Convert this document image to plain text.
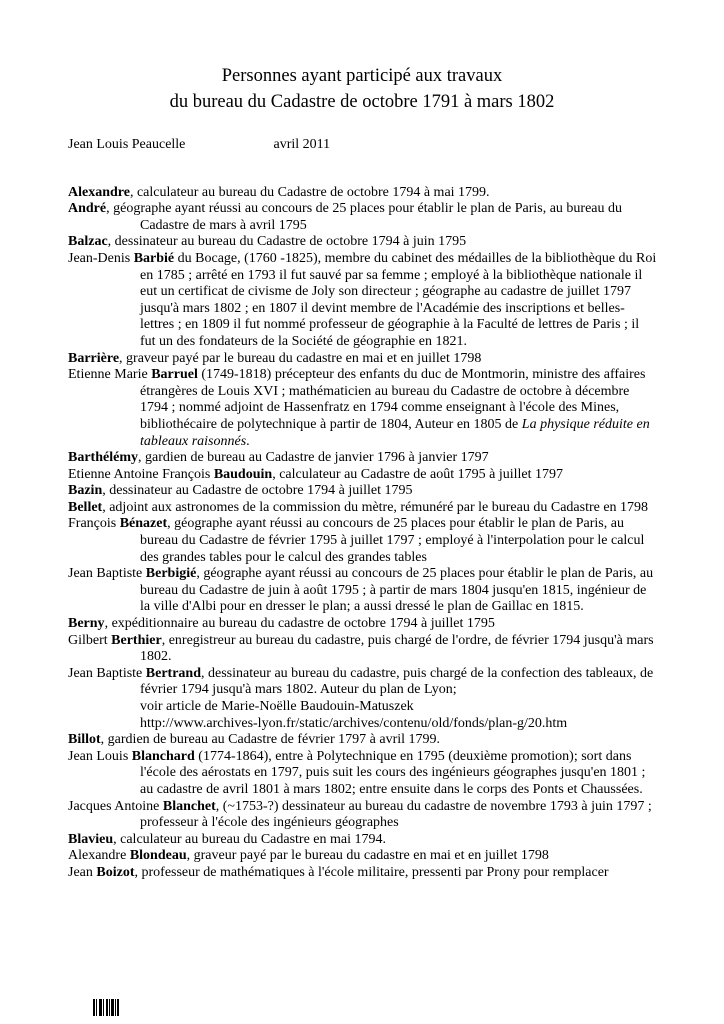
Personnes ayant participé aux travaux
du bureau du Cadastre de octobre 1791 à mars 1802
Jean Louis Peaucelle	avril 2011

Alexandre, calculateur au bureau du Cadastre de octobre 1794 à mai 1799.

André, géographe ayant réussi au concours de 25 places pour établir le plan de Paris, au bureau du Cadastre de mars à avril 1795

Balzac, dessinateur au bureau du Cadastre de octobre 1794 à juin 1795

Jean-Denis Barbié du Bocage, (1760 -1825), membre du cabinet des médailles de la bibliothèque du Roi en 1785 ; arrêté en 1793 il fut sauvé par sa femme ; employé à la bibliothèque nationale il eut un certificat de civisme de Joly son directeur ; géographe au cadastre de juillet 1797 jusqu'à mars 1802 ; en 1807 il devint membre de l'Académie des inscriptions et belles-lettres ; en 1809 il fut nommé professeur de géographie à la Faculté de lettres de Paris ; il fut un des fondateurs de la Société de géographie en 1821.

Barrière, graveur payé par le bureau du cadastre en mai et en juillet 1798

Etienne Marie Barruel (1749-1818) précepteur des enfants du duc de Montmorin, ministre des affaires étrangères de Louis XVI ; mathématicien au bureau du Cadastre de octobre à décembre 1794 ; nommé adjoint de Hassenfratz en 1794 comme enseignant à l'école des Mines, bibliothécaire de polytechnique à partir de 1804, Auteur en 1805 de La physique réduite en tableaux raisonnés.

Barthélémy, gardien de bureau au Cadastre de janvier 1796 à janvier 1797

Etienne Antoine François Baudouin, calculateur au Cadastre de août 1795 à juillet 1797

Bazin, dessinateur au Cadastre de octobre 1794 à juillet 1795

Bellet, adjoint aux astronomes de la commission du mètre, rémunéré par le bureau du Cadastre en 1798

François Bénazet, géographe ayant réussi au concours de 25 places pour établir le plan de Paris, au bureau du Cadastre de février 1795 à juillet 1797 ; employé à l'interpolation pour le calcul des grandes tables pour le calcul des grandes tables

Jean Baptiste Berbigié, géographe ayant réussi au concours de 25 places pour établir le plan de Paris, au bureau du Cadastre de juin à août 1795 ; à partir de mars 1804 jusqu'en 1815, ingénieur de la ville d'Albi pour en dresser le plan; a aussi dressé le plan de Gaillac en 1815.

Berny, expéditionnaire au bureau du cadastre de octobre 1794 à juillet 1795

Gilbert Berthier, enregistreur au bureau du cadastre, puis chargé de l'ordre, de février 1794 jusqu'à mars 1802.

Jean Baptiste Bertrand, dessinateur au bureau du cadastre, puis chargé de la confection des tableaux, de février 1794 jusqu'à mars 1802. Auteur du plan de Lyon;
voir article de Marie-Noëlle Baudouin-Matuszek
http://www.archives-lyon.fr/static/archives/contenu/old/fonds/plan-g/20.htm

Billot, gardien de bureau au Cadastre de février 1797 à avril 1799.

Jean Louis Blanchard (1774-1864), entre à Polytechnique en 1795 (deuxième promotion); sort dans l'école des aérostats en 1797, puis suit les cours des ingénieurs géographes jusqu'en 1801 ; au cadastre de avril 1801 à mars 1802; entre ensuite dans le corps des Ponts et Chaussées.

Jacques Antoine Blanchet, (~1753-?) dessinateur au bureau du cadastre de novembre 1793 à juin 1797 ; professeur à l'école des ingénieurs géographes

Blavieu, calculateur au bureau du Cadastre en mai 1794.

Alexandre Blondeau, graveur payé par le bureau du cadastre en mai et en juillet 1798

Jean Boizot, professeur de mathématiques à l'école militaire, pressenti par Prony pour remplacer
